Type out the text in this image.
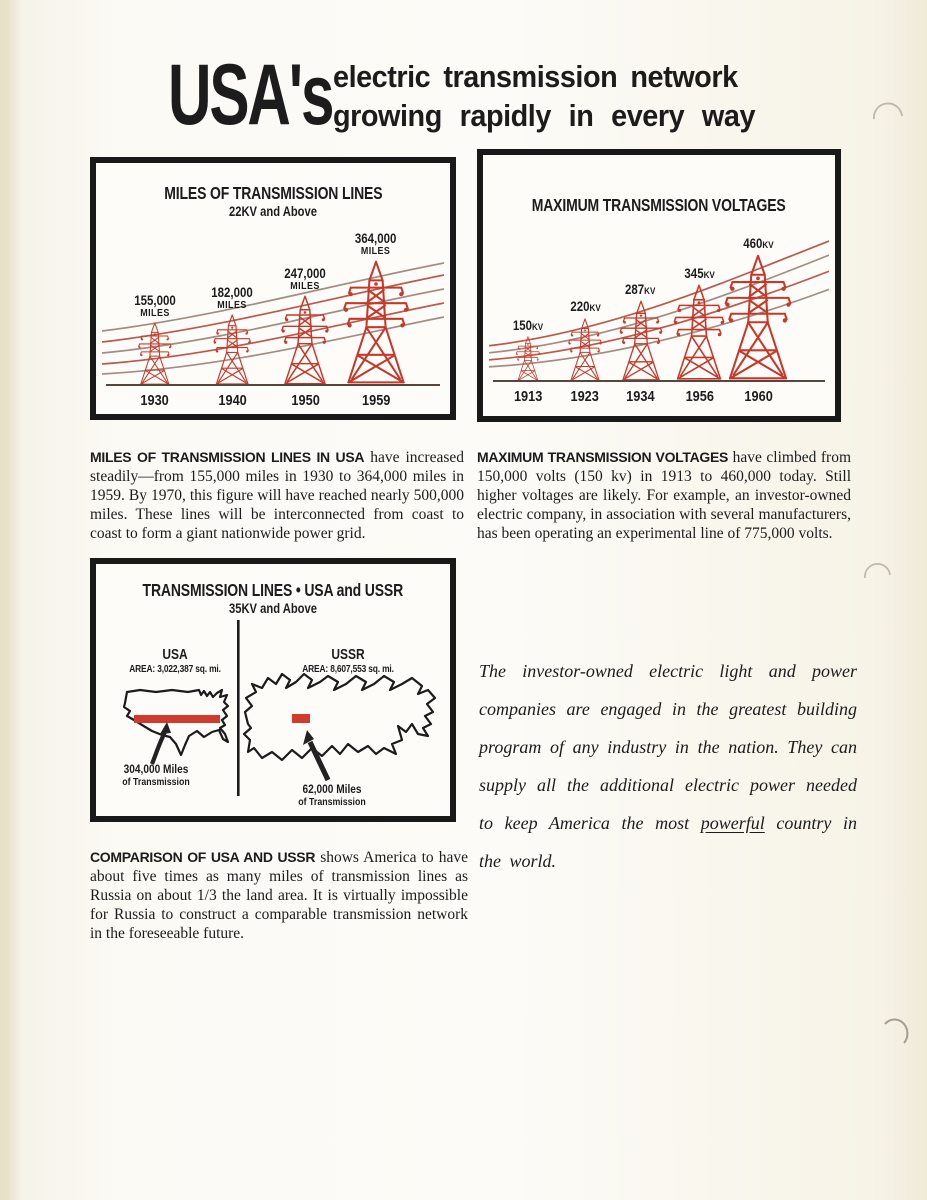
USA's electric transmission network
growing rapidly in every way
MILES OF TRANSMISSION LINES
22KV and Above
155,000
MILES
1930
182,000
MILES
1940
247,000
MILES
1950
364,000
MILES
1959
MAXIMUM TRANSMISSION VOLTAGES
150KV
1913
220KV
1923
287KV
1934
345KV
1956
460KV
1960

MILES OF TRANSMISSION LINES IN USA have increased steadily—from 155,000 miles in 1930 to 364,000 miles in 1959. By 1970, this figure will have reached nearly 500,000 miles. These lines will be interconnected from coast to coast to form a giant nationwide power grid.

MAXIMUM TRANSMISSION VOLTAGES have climbed from 150,000 volts (150 kv) in 1913 to 460,000 today. Still higher voltages are likely. For example, an investor-owned electric company, in association with several manufacturers, has been operating an experimental line of 775,000 volts.

TRANSMISSION LINES • USA and USSR
35KV and Above
USA
AREA: 3,022,387 sq. mi.
USSR
AREA: 8,607,553 sq. mi.
304,000 Miles
of Transmission
62,000 Miles
of Transmission

COMPARISON OF USA AND USSR shows America to have about five times as many miles of transmission lines as Russia on about 1/3 the land area. It is virtually impossible for Russia to construct a comparable transmission network in the foreseeable future.

The investor-owned electric light and power companies are engaged in the greatest building program of any industry in the nation. They can supply all the additional electric power needed to keep America the most powerful country in the world.
